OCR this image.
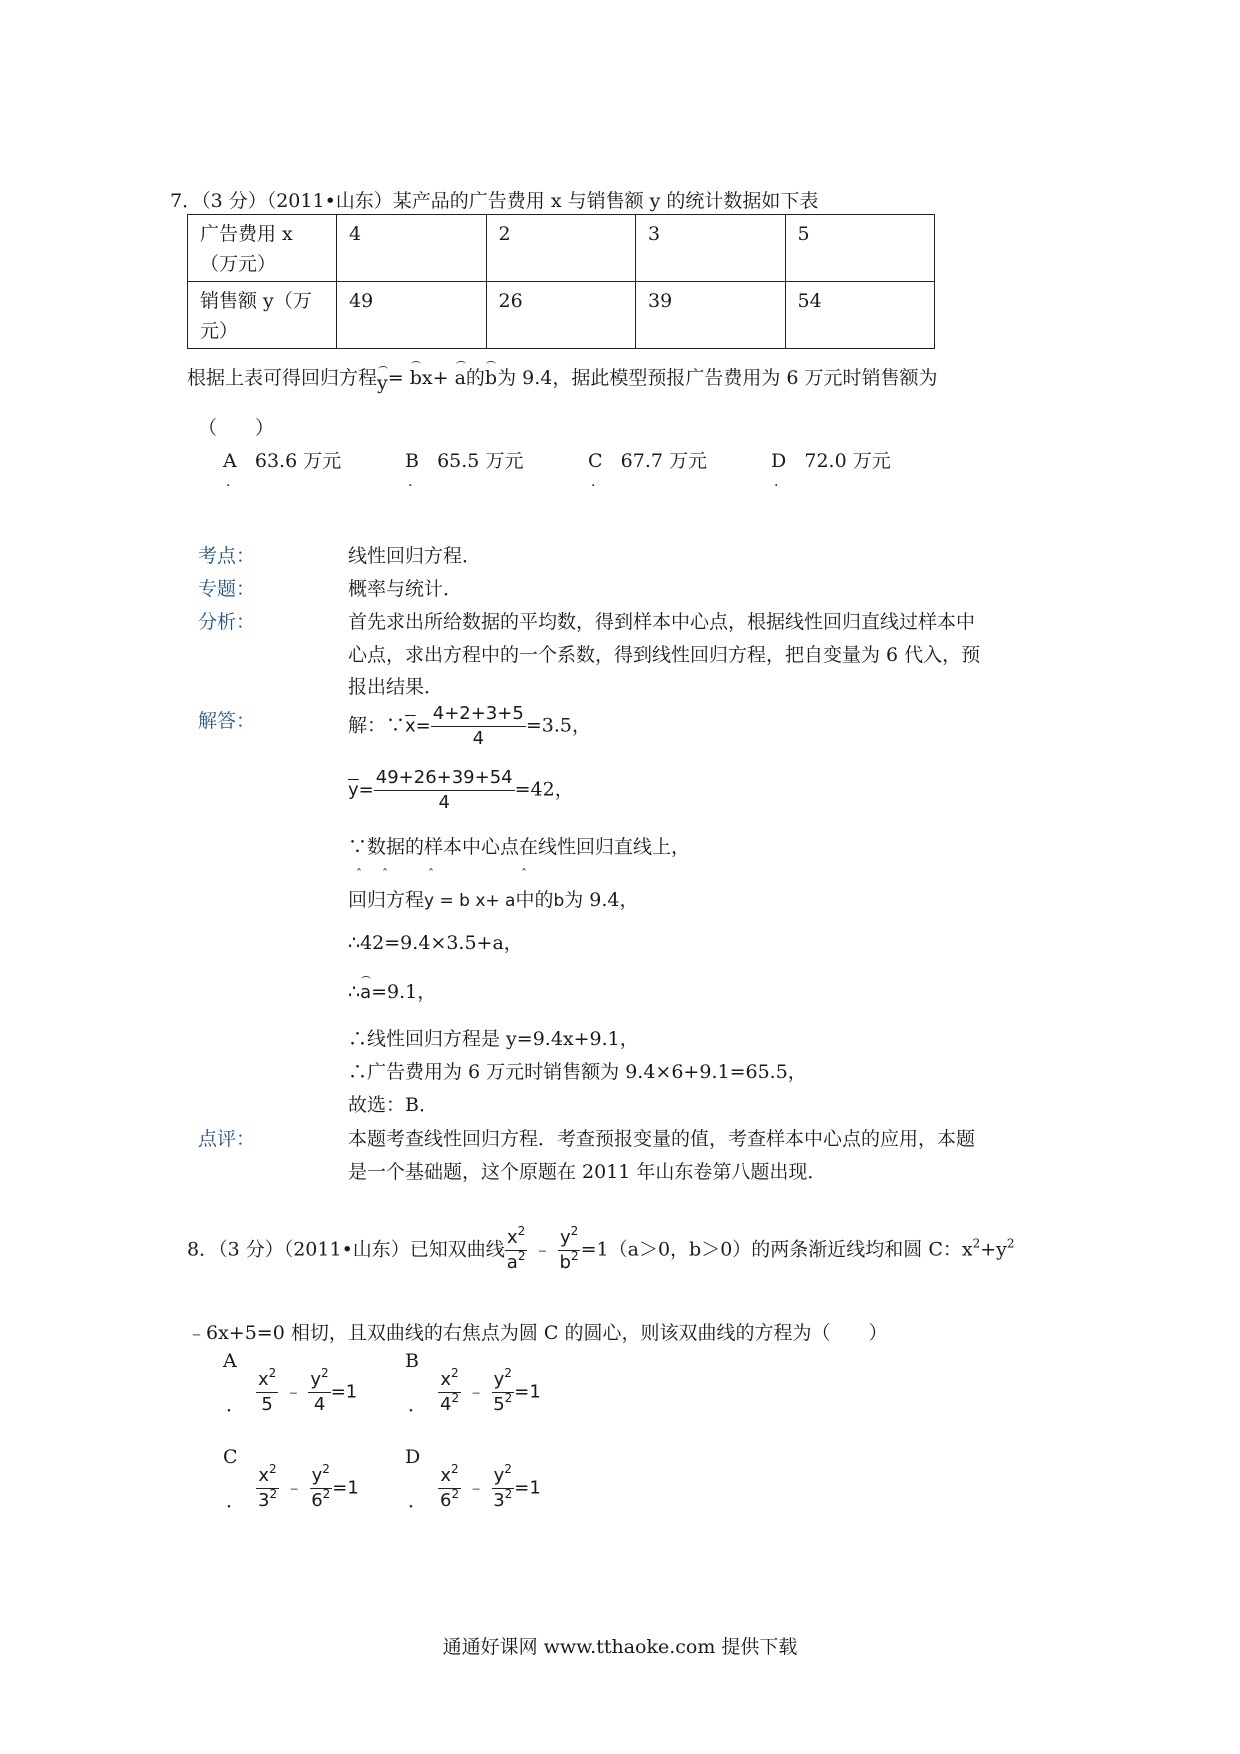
7．（3 分）（2011•山东）某产品的广告费用 x 与销售额 y 的统计数据如下表
广告费用 x（万元）	4	2	3	5
销售额 y（万元）	49	26	39	54
根据上表可得回归方程y= bx+ a的b为 9.4，据此模型预报广告费用为 6 万元时销售额为
（　　）
A 63.6 万元	B 65.5 万元	C 67.7 万元	D 72.0 万元
·	·	·	·
考点：	线性回归方程．
专题：	概率与统计．
分析：	首先求出所给数据的平均数，得到样本中心点，根据线性回归直线过样本中
心点，求出方程中的一个系数，得到线性回归方程，把自变量为 6 代入，预
报出结果．
解答：	解：$\because\overline{x}= \frac{4+2+3+5}{4} =3.5$，
$\overline{y}= \frac{49+26+39+54}{4} =42$，
∵数据的样本中心点在线性回归直线上，
回归方程y = b x+ a中的b为 9.4，
ˆ ˆ	ˆ	ˆ
∴42=9.4×3.5+a，
∴a=9.1，
∴线性回归方程是 y=9.4x+9.1，
∴广告费用为 6 万元时销售额为 9.4×6+9.1=65.5，
故选：B．
点评：	本题考查线性回归方程．考查预报变量的值，考查样本中心点的应用，本题
是一个基础题，这个原题在 2011 年山东卷第八题出现．
8．（3 分）（2011•山东）已知双曲线 $\frac{x^2}{a^2}$ ﹣ $\frac{y^2}{b^2} =1(a>0$，b＞0）的两条渐近线均和圆 C：$x^2+y^2$
﹣6x+5=0 相切，且双曲线的右焦点为圆 C 的圆心，则该双曲线的方程为（　　）
A
． $\frac{x^2}{5}$ ﹣ $\frac{y^2}{4} =1$
B
． $\frac{x^2}{4^2}$ ﹣ $\frac{y^2}{5^2} =1$
C
． $\frac{x^2}{3^2}$ ﹣ $\frac{y^2}{6^2} =1$
D
． $\frac{x^2}{6^2}$ ﹣ $\frac{y^2}{3^2} =1$
通通好课网 www.tthaoke.com 提供下载
